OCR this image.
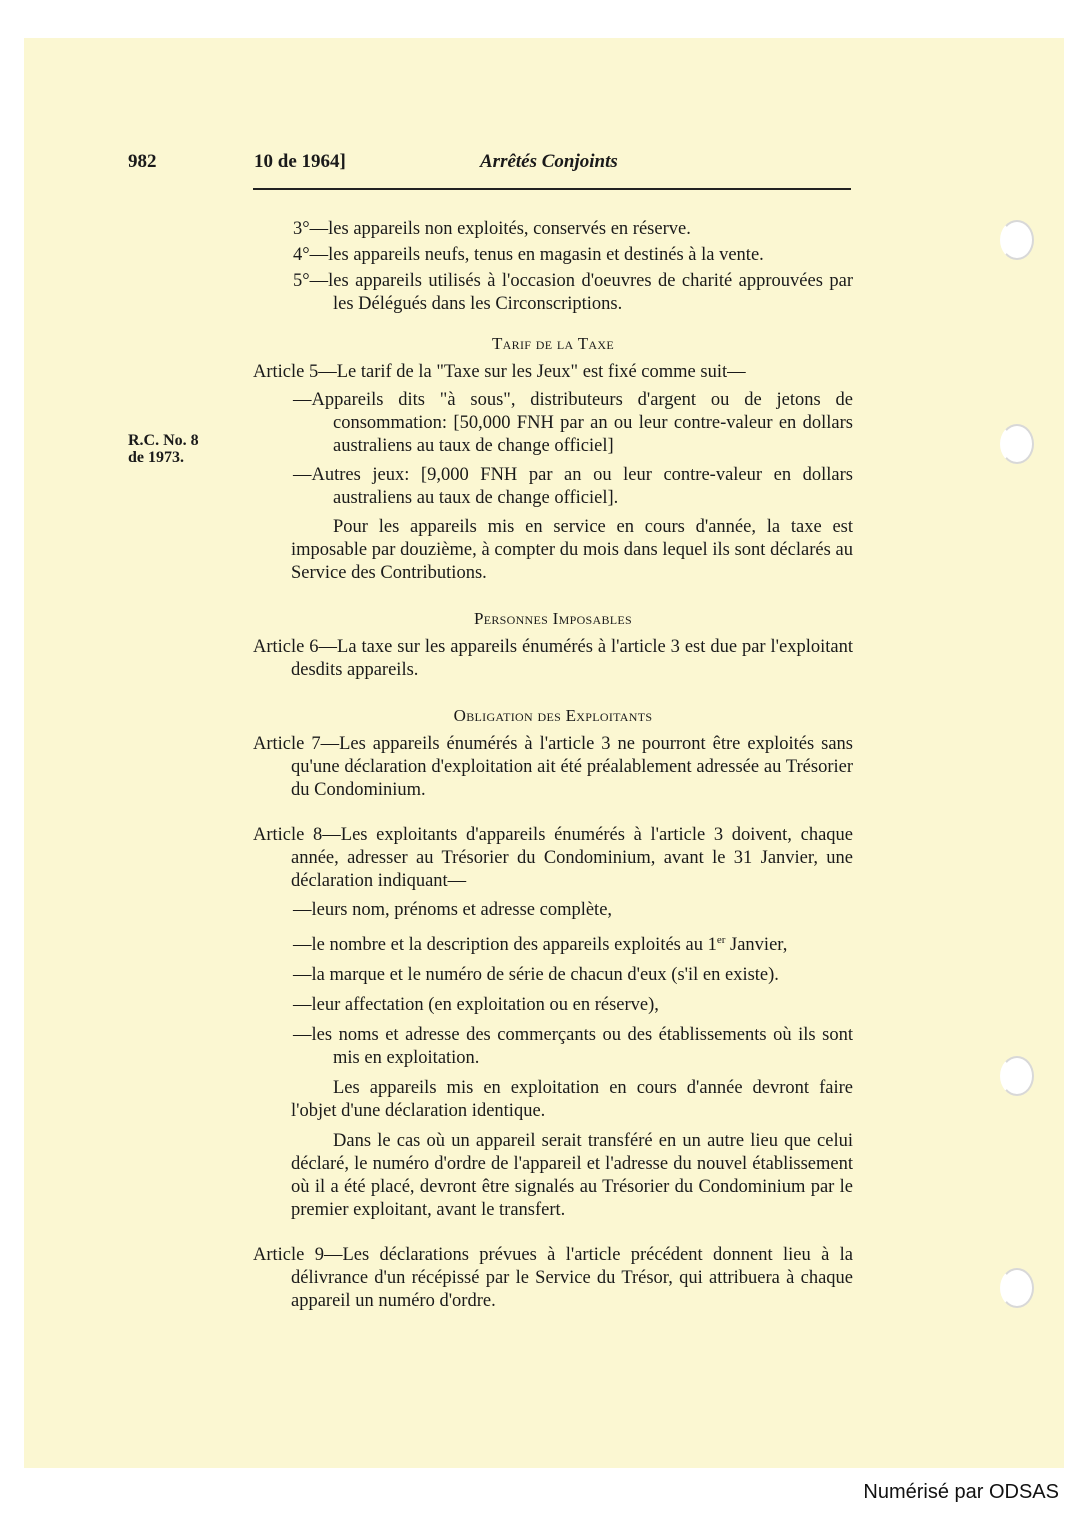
982	10 de 1964]	Arrêtés Conjoints
R.C. No. 8
de 1973.

3°—les appareils non exploités, conservés en réserve.

4°—les appareils neufs, tenus en magasin et destinés à la vente.

5°—les appareils utilisés à l'occasion d'oeuvres de charité approuvées par les Délégués dans les Circonscriptions.

Tarif de la Taxe

Article 5—Le tarif de la "Taxe sur les Jeux" est fixé comme suit—

—Appareils dits "à sous", distributeurs d'argent ou de jetons de consommation: [50,000 FNH par an ou leur contre-valeur en dollars australiens au taux de change officiel]

—Autres jeux: [9,000 FNH par an ou leur contre-valeur en dollars australiens au taux de change officiel].

Pour les appareils mis en service en cours d'année, la taxe est imposable par douzième, à compter du mois dans lequel ils sont déclarés au Service des Contributions.

Personnes Imposables

Article 6—La taxe sur les appareils énumérés à l'article 3 est due par l'exploitant desdits appareils.

Obligation des Exploitants

Article 7—Les appareils énumérés à l'article 3 ne pourront être exploités sans qu'une déclaration d'exploitation ait été préalablement adressée au Trésorier du Condominium.

Article 8—Les exploitants d'appareils énumérés à l'article 3 doivent, chaque année, adresser au Trésorier du Condominium, avant le 31 Janvier, une déclaration indiquant—

—leurs nom, prénoms et adresse complète,

—le nombre et la description des appareils exploités au 1er Janvier,

—la marque et le numéro de série de chacun d'eux (s'il en existe).

—leur affectation (en exploitation ou en réserve),

—les noms et adresse des commerçants ou des établissements où ils sont mis en exploitation.

Les appareils mis en exploitation en cours d'année devront faire l'objet d'une déclaration identique.

Dans le cas où un appareil serait transféré en un autre lieu que celui déclaré, le numéro d'ordre de l'appareil et l'adresse du nouvel établissement où il a été placé, devront être signalés au Trésorier du Condominium par le premier exploitant, avant le transfert.

Article 9—Les déclarations prévues à l'article précédent donnent lieu à la délivrance d'un récépissé par le Service du Trésor, qui attribuera à chaque appareil un numéro d'ordre.

Numérisé par ODSAS
